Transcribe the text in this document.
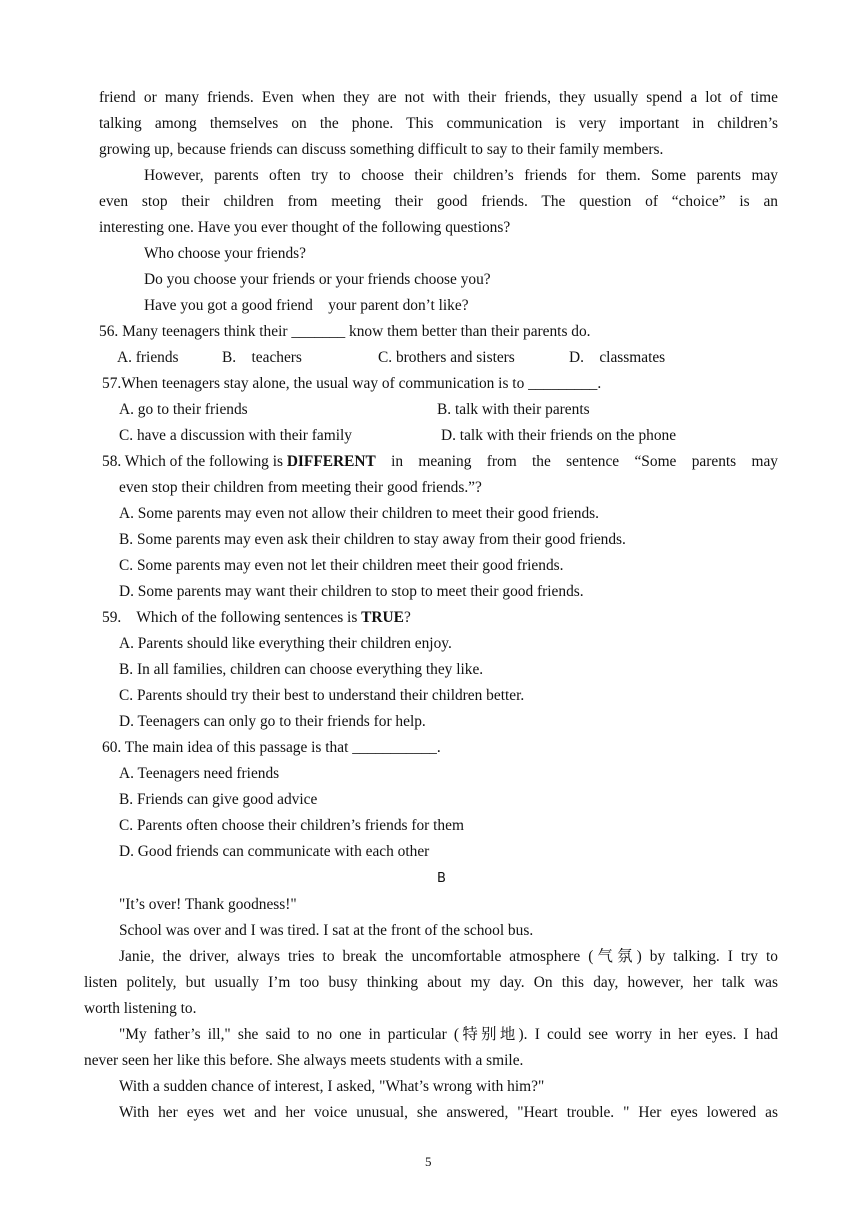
friend or many friends. Even when they are not with their friends, they usually spend a lot of time
talking among themselves on the phone. This communication is very important in children’s
growing up, because friends can discuss something difficult to say to their family members.
However, parents often try to choose their children’s friends for them. Some parents may
even stop their children from meeting their good friends. The question of “choice” is an
interesting one. Have you ever thought of the following questions?
Who choose your friends?
Do you choose your friends or your friends choose you?
Have you got a good friend    your parent don’t like?
56. Many teenagers think their _______ know them better than their parents do.
A. friends	B.    teachers	C. brothers and sisters	D.    classmates
57.When teenagers stay alone, the usual way of communication is to _________.
A. go to their friends	B. talk with their parents
C. have a discussion with their family	D. talk with their friends on the phone
58. Which of the following is DIFFERENT in meaning from the sentence “Some parents may
even stop their children from meeting their good friends.”?
A. Some parents may even not allow their children to meet their good friends.
B. Some parents may even ask their children to stay away from their good friends.
C. Some parents may even not let their children meet their good friends.
D. Some parents may want their children to stop to meet their good friends.
59.    Which of the following sentences is TRUE?
A. Parents should like everything their children enjoy.
B. In all families, children can choose everything they like.
C. Parents should try their best to understand their children better.
D. Teenagers can only go to their friends for help.
60. The main idea of this passage is that ___________.
A. Teenagers need friends
B. Friends can give good advice
C. Parents often choose their children’s friends for them
D. Good friends can communicate with each other
B
"It’s over! Thank goodness!"
School was over and I was tired. I sat at the front of the school bus.
Janie, the driver, always tries to break the uncomfortable atmosphere (气氛) by talking. I try to
listen politely, but usually I’m too busy thinking about my day. On this day, however, her talk was
worth listening to.
"My father’s ill," she said to no one in particular (特别地). I could see worry in her eyes. I had
never seen her like this before. She always meets students with a smile.
With a sudden chance of interest, I asked, "What’s wrong with him?"
With her eyes wet and her voice unusual, she answered, "Heart trouble. " Her eyes lowered as
5
